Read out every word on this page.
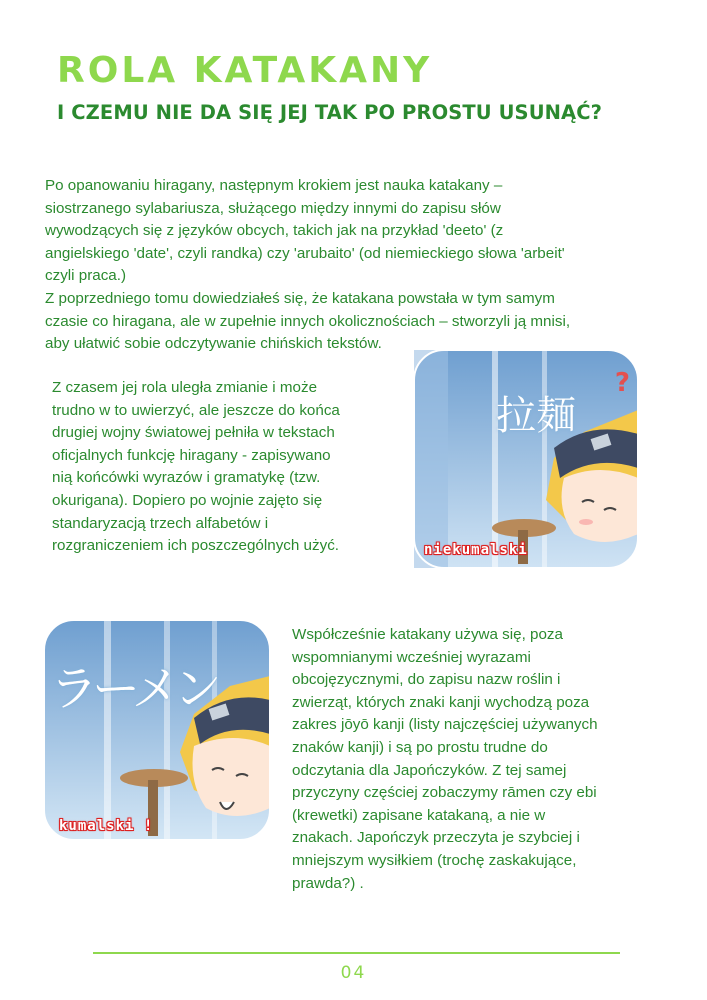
ROLA KATAKANY
I CZEMU NIE DA SIĘ JEJ TAK PO PROSTU USUNĄĆ?

Po opanowaniu hiragany, następnym krokiem jest nauka katakany –
siostrzanego sylabariusza, służącego między innymi do zapisu słów
wywodzących się z języków obcych, takich jak na przykład 'deeto' (z
angielskiego 'date', czyli randka) czy 'arubaito' (od niemieckiego słowa 'arbeit'
czyli praca.)
Z poprzedniego tomu dowiedziałeś się, że katakana powstała w tym samym
czasie co hiragana, ale w zupełnie innych okolicznościach – stworzyli ją mnisi,
aby ułatwić sobie odczytywanie chińskich tekstów.

Z czasem jej rola uległa zmianie i może
trudno w to uwierzyć, ale jeszcze do końca
drugiej wojny światowej pełniła w tekstach
oficjalnych funkcję hiragany - zapisywano
nią końcówki wyrazów i gramatykę (tzw.
okurigana). Dopiero po wojnie zajęto się
standaryzacją trzech alfabetów i
rozgraniczeniem ich poszczególnych użyć.

拉麺
?
niekumalski
ラーメン
kumalski !

Współcześnie katakany używa się, poza
wspomnianymi wcześniej wyrazami
obcojęzycznymi, do zapisu nazw roślin i
zwierząt, których znaki kanji wychodzą poza
zakres jōyō kanji (listy najczęściej używanych
znaków kanji) i są po prostu trudne do
odczytania dla Japończyków. Z tej samej
przyczyny częściej zobaczymy rāmen czy ebi
(krewetki) zapisane katakaną, a nie w
znakach. Japończyk przeczyta je szybciej i
mniejszym wysiłkiem (trochę zaskakujące,
prawda?) .

04
